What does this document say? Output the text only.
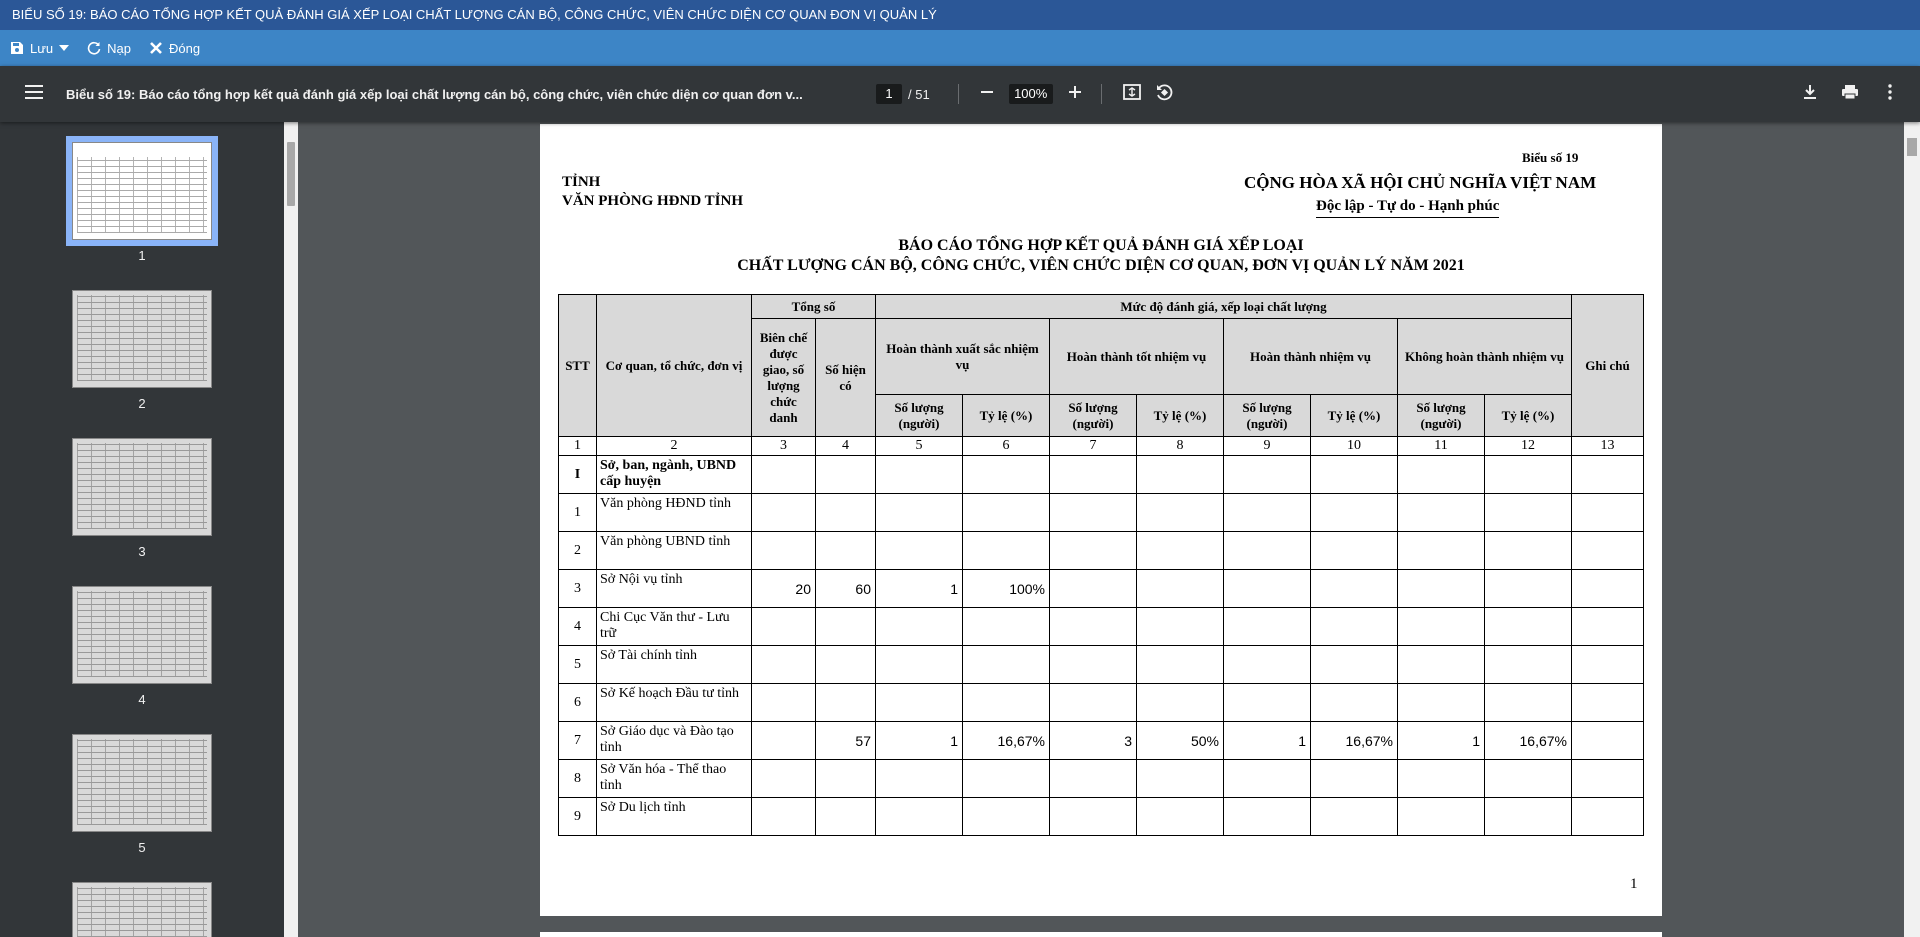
BIỂU SỐ 19: BÁO CÁO TỔNG HỢP KẾT QUẢ ĐÁNH GIÁ XẾP LOẠI CHẤT LƯỢNG CÁN BỘ, CÔNG CHỨC, VIÊN CHỨC DIỆN CƠ QUAN ĐƠN VỊ QUẢN LÝ
Lưu	Nạp	Đóng
Biểu số 19: Báo cáo tổng hợp kết quả đánh giá xếp loại chất lượng cán bộ, công chức, viên chức diện cơ quan đơn v...	1	/ 51	100%
1
2
3
4
5
Biểu số 19
TỈNH
VĂN PHÒNG HĐND TỈNH
CỘNG HÒA XÃ HỘI CHỦ NGHĨA VIỆT NAM
Độc lập - Tự do - Hạnh phúc
BÁO CÁO TỔNG HỢP KẾT QUẢ ĐÁNH GIÁ XẾP LOẠI
CHẤT LƯỢNG CÁN BỘ, CÔNG CHỨC, VIÊN CHỨC DIỆN CƠ QUAN, ĐƠN VỊ QUẢN LÝ NĂM 2021
STT	Cơ quan, tổ chức, đơn vị	Tổng số		Mức độ đánh giá, xếp loại chất lượng								Ghi chú
		Biên chế được giao, số lượng chức danh	Số hiện có	Hoàn thành xuất sắc nhiệm vụ		Hoàn thành tốt nhiệm vụ		Hoàn thành nhiệm vụ		Không hoàn thành nhiệm vụ		
				Số lượng (người)	Tỷ lệ (%)	Số lượng (người)	Tỷ lệ (%)	Số lượng (người)	Tỷ lệ (%)	Số lượng (người)	Tỷ lệ (%)	
1	2	3	4	5	6	7	8	9	10	11	12	13
I	Sở, ban, ngành, UBND cấp huyện											
1	Văn phòng HĐND tỉnh											
2	Văn phòng UBND tỉnh											
3	Sở Nội vụ tỉnh	20	60	1	100%							
4	Chi Cục Văn thư - Lưu trữ											
5	Sở Tài chính tỉnh											
6	Sở Kế hoạch Đầu tư tỉnh											
7	Sở Giáo dục và Đào tạo tỉnh		57	1	16,67%	3	50%	1	16,67%	1	16,67%	
8	Sở Văn hóa - Thể thao tỉnh											
9	Sở Du lịch tỉnh											
1
